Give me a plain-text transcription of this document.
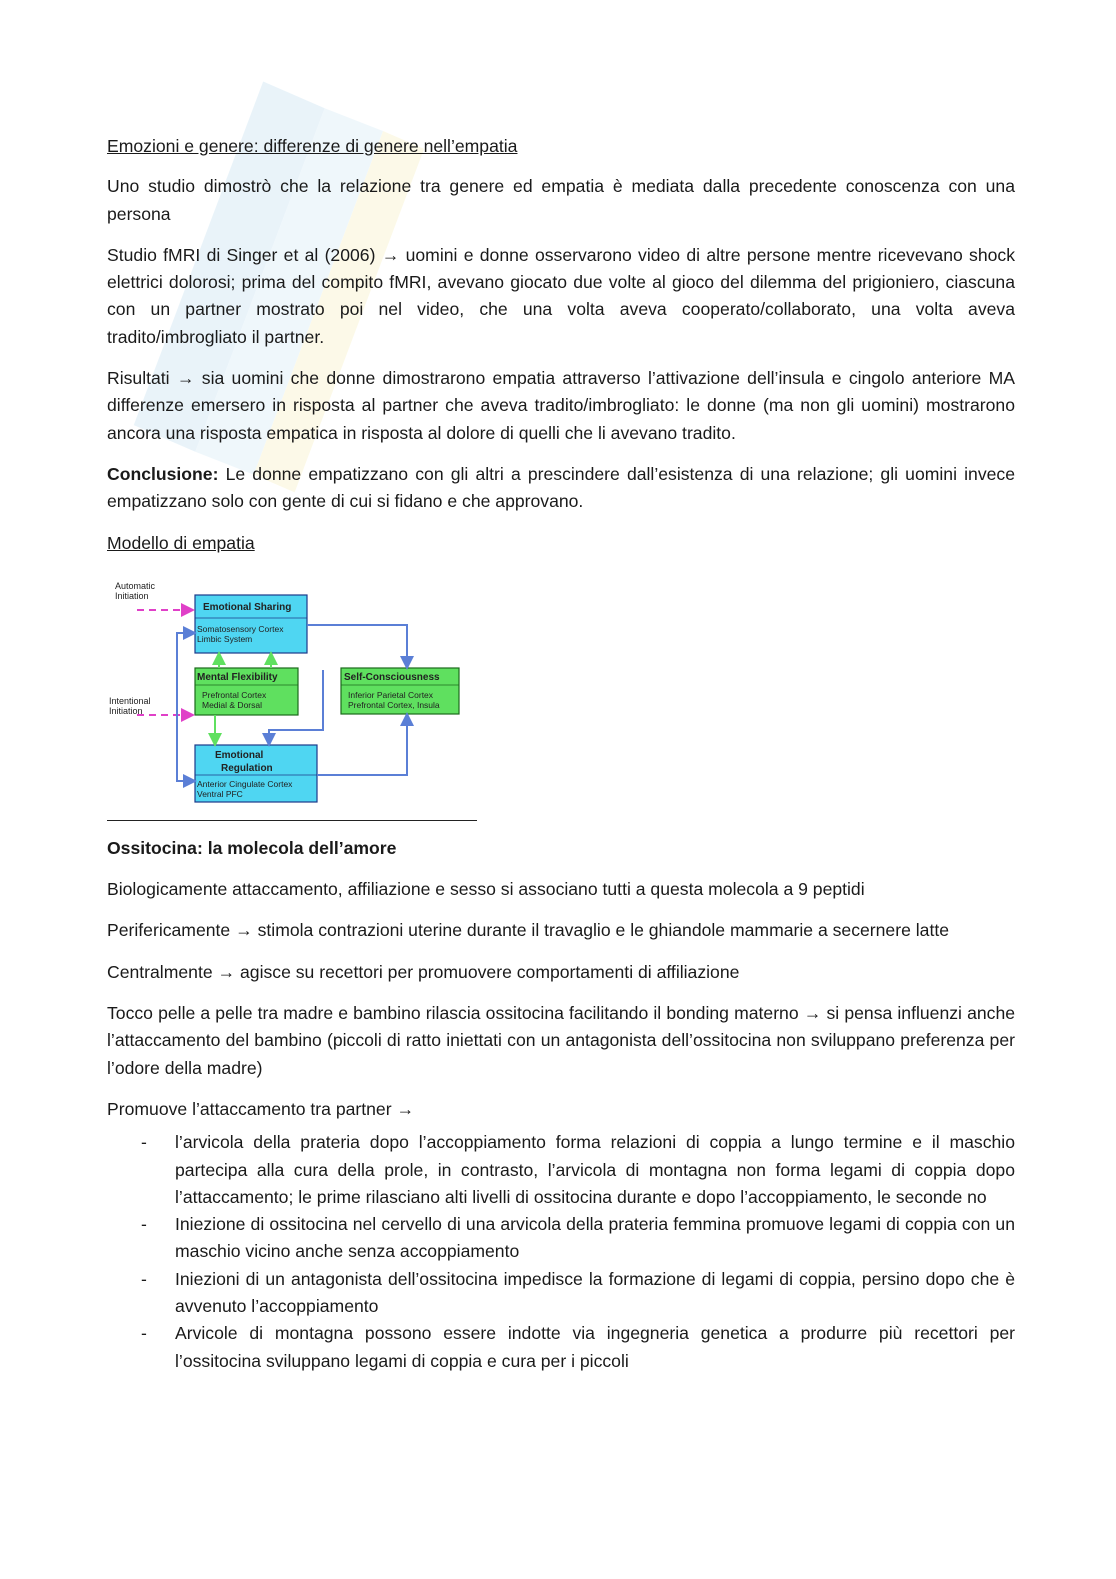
Emozioni e genere: differenze di genere nell’empatia

Uno studio dimostrò che la relazione tra genere ed empatia è mediata dalla precedente conoscenza con una persona

Studio fMRI di Singer et al (2006) → uomini e donne osservarono video di altre persone mentre ricevevano shock elettrici dolorosi; prima del compito fMRI, avevano giocato due volte al gioco del dilemma del prigioniero, ciascuna con un partner mostrato poi nel video, che una volta aveva cooperato/collaborato, una volta aveva tradito/imbrogliato il partner.

Risultati → sia uomini che donne dimostrarono empatia attraverso l’attivazione dell’insula e cingolo anteriore MA differenze emersero in risposta al partner che aveva tradito/imbrogliato: le donne (ma non gli uomini) mostrarono ancora una risposta empatica in risposta al dolore di quelli che li avevano tradito.

Conclusione: Le donne empatizzano con gli altri a prescindere dall’esistenza di una relazione; gli uomini invece empatizzano solo con gente di cui si fidano e che approvano.

Modello di empatia

Automatic
Initiation
Intentional
Initiation
Emotional Sharing
Somatosensory Cortex
Limbic System
Mental Flexibility
Prefrontal Cortex
Medial & Dorsal
Self-Consciousness
Inferior Parietal Cortex
Prefrontal Cortex, Insula
Emotional
Regulation
Anterior Cingulate Cortex
Ventral PFC

Ossitocina: la molecola dell’amore

Biologicamente attaccamento, affiliazione e sesso si associano tutti a questa molecola a 9 peptidi

Perifericamente → stimola contrazioni uterine durante il travaglio e le ghiandole mammarie a secernere latte

Centralmente → agisce su recettori per promuovere comportamenti di affiliazione

Tocco pelle a pelle tra madre e bambino rilascia ossitocina facilitando il bonding materno → si pensa influenzi anche l’attaccamento del bambino (piccoli di ratto iniettati con un antagonista dell’ossitocina non sviluppano preferenza per l’odore della madre)

Promuove l’attaccamento tra partner →

- l’arvicola della prateria dopo l’accoppiamento forma relazioni di coppia a lungo termine e il maschio partecipa alla cura della prole, in contrasto, l’arvicola di montagna non forma legami di coppia dopo l’attaccamento; le prime rilasciano alti livelli di ossitocina durante e dopo l’accoppiamento, le seconde no
- Iniezione di ossitocina nel cervello di una arvicola della prateria femmina promuove legami di coppia con un maschio vicino anche senza accoppiamento
- Iniezioni di un antagonista dell’ossitocina impedisce la formazione di legami di coppia, persino dopo che è avvenuto l’accoppiamento
- Arvicole di montagna possono essere indotte via ingegneria genetica a produrre più recettori per l’ossitocina sviluppano legami di coppia e cura per i piccoli
